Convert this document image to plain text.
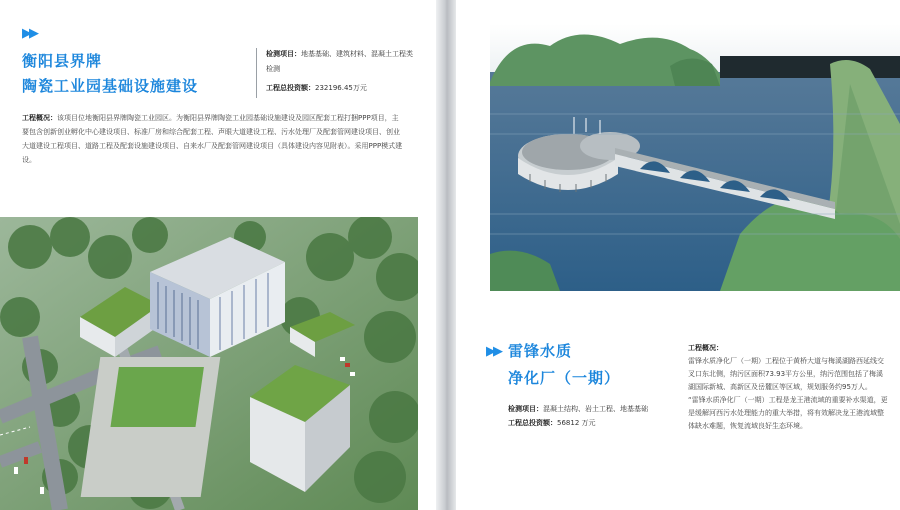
▶▶
衡阳县界牌
陶瓷工业园基础设施建设
检测项目：地基基础、建筑材料、混凝土工程类检测
工程总投资额：232196.45万元
工程概况：该项目位地衡阳县界牌陶瓷工业园区。为衡阳县界牌陶瓷工业园基础设施建设及园区配套工程打捆PPP项目，主要包含创新创业孵化中心建设项目、标准厂房和综合配套工程、声眼大道建设工程、污水处理厂及配套管网建设项目、创业大道建设工程项目、道路工程及配套设施建设项目、自来水厂及配套管网建设项目（具体建设内容见附表）。采用PPP模式建设。
▶▶ 雷锋水质
净化厂（一期）
检测项目：混凝土结构、岩土工程、地基基础
工程总投资额：56812 万元
工程概况：
雷锋水质净化厂（一期）工程位于黄桥大道与梅溪湖路西延线交叉口东北侧，纳污区面积73.93平方公里，纳污范围包括了梅溪湖国际新城、高新区及岳麓区等区域，规划服务约95万人。
“雷锋水质净化厂（一期）工程是龙王港流域的重要补水渠道，更是缓解河西污水处理能力的重大举措，将有效解决龙王港流域整体缺水难题，恢复流域良好生态环境。
